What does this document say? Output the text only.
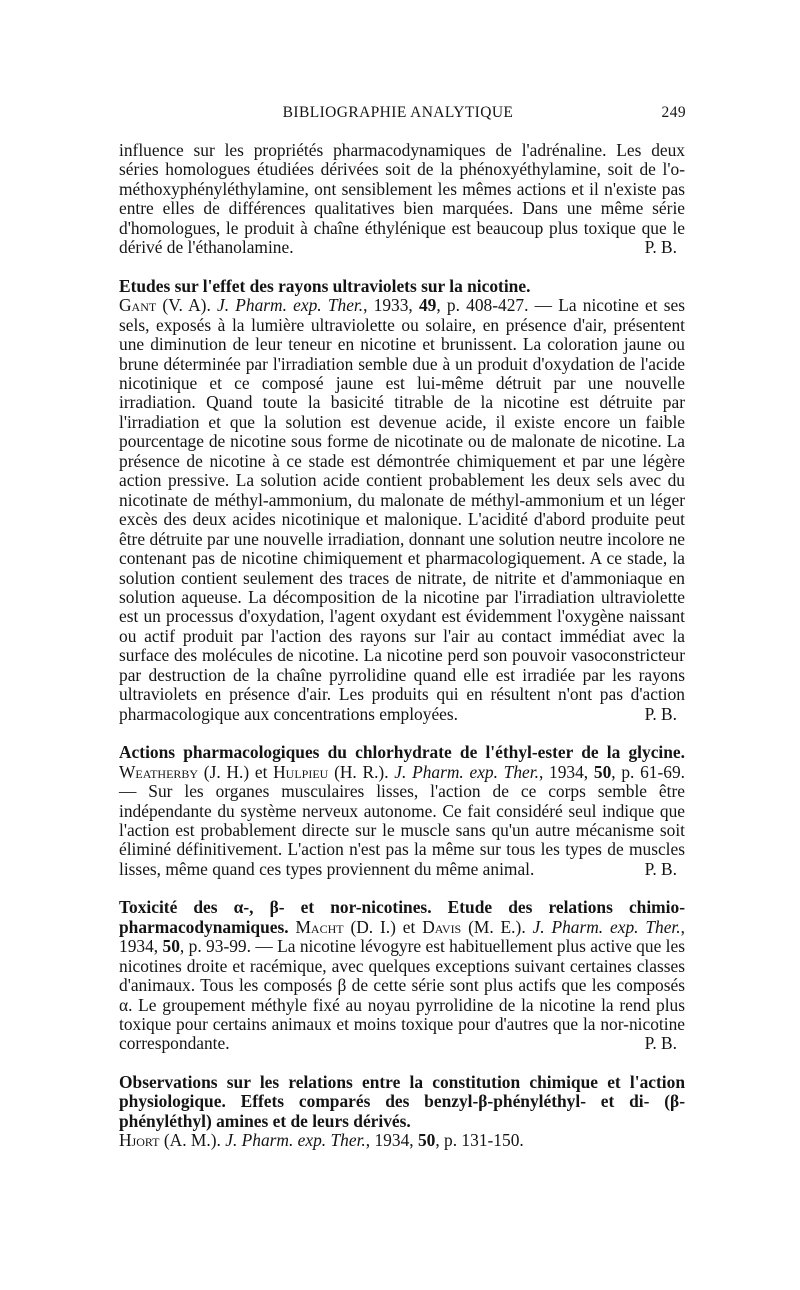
BIBLIOGRAPHIE ANALYTIQUE	249

influence sur les propriétés pharmacodynamiques de l'adrénaline. Les deux séries homologues étudiées dérivées soit de la phénoxyéthylamine, soit de l'o-méthoxyphényléthylamine, ont sensiblement les mêmes actions et il n'existe pas entre elles de différences qualitatives bien marquées. Dans une même série d'homologues, le produit à chaîne éthylénique est beaucoup plus toxique que le dérivé de l'éthanolamine.	P. B.

Etudes sur l'effet des rayons ultraviolets sur la nicotine.

Gant (V. A). J. Pharm. exp. Ther., 1933, 49, p. 408-427. — La nicotine et ses sels, exposés à la lumière ultraviolette ou solaire, en présence d'air, présentent une diminution de leur teneur en nicotine et brunissent. La coloration jaune ou brune déterminée par l'irradiation semble due à un produit d'oxydation de l'acide nicotinique et ce composé jaune est lui-même détruit par une nouvelle irradiation. Quand toute la basicité titrable de la nicotine est détruite par l'irradiation et que la solution est devenue acide, il existe encore un faible pourcentage de nicotine sous forme de nicotinate ou de malonate de nicotine. La présence de nicotine à ce stade est démontrée chimiquement et par une légère action pressive. La solution acide contient probablement les deux sels avec du nicotinate de méthyl-ammonium, du malonate de méthyl-ammonium et un léger excès des deux acides nicotinique et malonique. L'acidité d'abord produite peut être détruite par une nouvelle irradiation, donnant une solution neutre incolore ne contenant pas de nicotine chimiquement et pharmacologiquement. A ce stade, la solution contient seulement des traces de nitrate, de nitrite et d'ammoniaque en solution aqueuse. La décomposition de la nicotine par l'irradiation ultraviolette est un processus d'oxydation, l'agent oxydant est évidemment l'oxygène naissant ou actif produit par l'action des rayons sur l'air au contact immédiat avec la surface des molécules de nicotine. La nicotine perd son pouvoir vasoconstricteur par destruction de la chaîne pyrrolidine quand elle est irradiée par les rayons ultraviolets en présence d'air. Les produits qui en résultent n'ont pas d'action pharmacologique aux concentrations employées.	P. B.

Actions pharmacologiques du chlorhydrate de l'éthyl-ester de la glycine. Weatherby (J. H.) et Hulpieu (H. R.). J. Pharm. exp. Ther., 1934, 50, p. 61-69. — Sur les organes musculaires lisses, l'action de ce corps semble être indépendante du système nerveux autonome. Ce fait considéré seul indique que l'action est probablement directe sur le muscle sans qu'un autre mécanisme soit éliminé définitivement. L'action n'est pas la même sur tous les types de muscles lisses, même quand ces types proviennent du même animal.	P. B.

Toxicité des α-, β- et nor-nicotines. Etude des relations chimio-pharmacodynamiques. Macht (D. I.) et Davis (M. E.). J. Pharm. exp. Ther., 1934, 50, p. 93-99. — La nicotine lévogyre est habituellement plus active que les nicotines droite et racémique, avec quelques exceptions suivant certaines classes d'animaux. Tous les composés β de cette série sont plus actifs que les composés α. Le groupement méthyle fixé au noyau pyrrolidine de la nicotine la rend plus toxique pour certains animaux et moins toxique pour d'autres que la nor-nicotine correspondante.	P. B.

Observations sur les relations entre la constitution chimique et l'action physiologique. Effets comparés des benzyl-β-phényléthyl- et di- (β-phényléthyl) amines et de leurs dérivés.

Hjort (A. M.). J. Pharm. exp. Ther., 1934, 50, p. 131-150.
